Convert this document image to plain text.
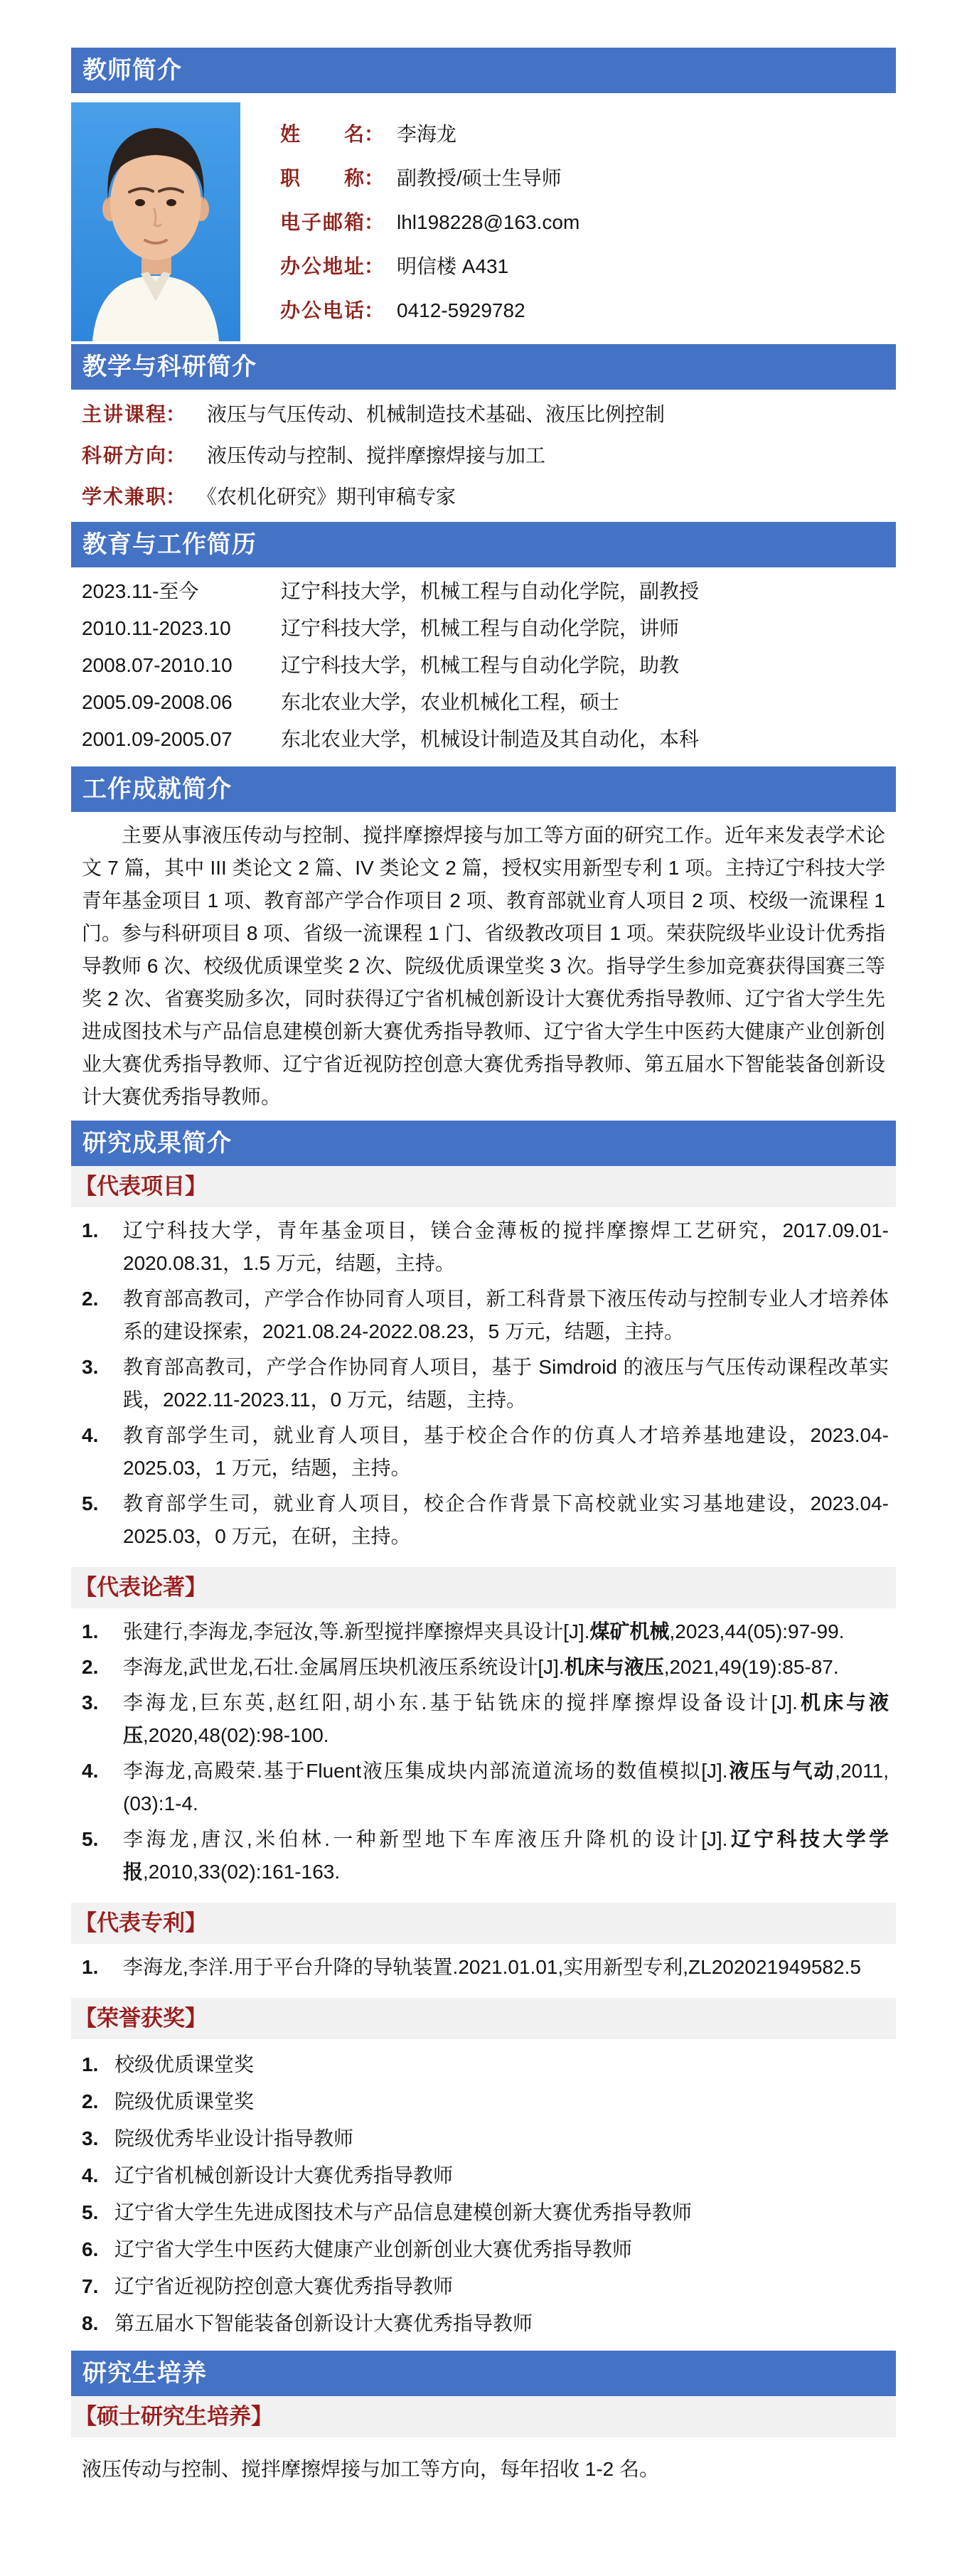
教师简介
姓名： 李海龙
职称： 副教授/硕士生导师
电子邮箱： lhl198228@163.com
办公地址： 明信楼 A431
办公电话： 0412-5929782
教学与科研简介
主讲课程： 液压与气压传动、机械制造技术基础、液压比例控制
科研方向： 液压传动与控制、搅拌摩擦焊接与加工
学术兼职： 《农机化研究》期刊审稿专家
教育与工作简历
2023.11-至今	辽宁科技大学，机械工程与自动化学院，副教授
2010.11-2023.10	辽宁科技大学，机械工程与自动化学院，讲师
2008.07-2010.10	辽宁科技大学，机械工程与自动化学院，助教
2005.09-2008.06	东北农业大学，农业机械化工程，硕士
2001.09-2005.07	东北农业大学，机械设计制造及其自动化，本科
工作成就简介

主要从事液压传动与控制、搅拌摩擦焊接与加工等方面的研究工作。近年来发表学术论文 7 篇，其中 III 类论文 2 篇、IV 类论文 2 篇，授权实用新型专利 1 项。主持辽宁科技大学青年基金项目 1 项、教育部产学合作项目 2 项、教育部就业育人项目 2 项、校级一流课程 1 门。参与科研项目 8 项、省级一流课程 1 门、省级教改项目 1 项。荣获院级毕业设计优秀指导教师 6 次、校级优质课堂奖 2 次、院级优质课堂奖 3 次。指导学生参加竞赛获得国赛三等奖 2 次、省赛奖励多次，同时获得辽宁省机械创新设计大赛优秀指导教师、辽宁省大学生先进成图技术与产品信息建模创新大赛优秀指导教师、辽宁省大学生中医药大健康产业创新创业大赛优秀指导教师、辽宁省近视防控创意大赛优秀指导教师、第五届水下智能装备创新设计大赛优秀指导教师。

研究成果简介
【代表项目】
1.	辽宁科技大学，青年基金项目，镁合金薄板的搅拌摩擦焊工艺研究，2017.09.01-2020.08.31，1.5 万元，结题，主持。
2.	教育部高教司，产学合作协同育人项目，新工科背景下液压传动与控制专业人才培养体系的建设探索，2021.08.24-2022.08.23，5 万元，结题，主持。
3.	教育部高教司，产学合作协同育人项目，基于 Simdroid 的液压与气压传动课程改革实践，2022.11-2023.11，0 万元，结题，主持。
4.	教育部学生司，就业育人项目，基于校企合作的仿真人才培养基地建设，2023.04-2025.03，1 万元，结题，主持。
5.	教育部学生司，就业育人项目，校企合作背景下高校就业实习基地建设，2023.04-2025.03，0 万元，在研，主持。
【代表论著】
1.	张建行,李海龙,李冠汝,等.新型搅拌摩擦焊夹具设计[J].煤矿机械,2023,44(05):97-99.
2.	李海龙,武世龙,石壮.金属屑压块机液压系统设计[J].机床与液压,2021,49(19):85-87.
3.	李海龙,巨东英,赵红阳,胡小东.基于钻铣床的搅拌摩擦焊设备设计[J].机床与液压,2020,48(02):98-100.
4.	李海龙,高殿荣.基于Fluent液压集成块内部流道流场的数值模拟[J].液压与气动,2011,(03):1-4.
5.	李海龙,唐汉,米伯林.一种新型地下车库液压升降机的设计[J].辽宁科技大学学报,2010,33(02):161-163.
【代表专利】
1.	李海龙,李洋.用于平台升降的导轨装置.2021.01.01,实用新型专利,ZL202021949582.5
【荣誉获奖】
1. 校级优质课堂奖
2. 院级优质课堂奖
3. 院级优秀毕业设计指导教师
4. 辽宁省机械创新设计大赛优秀指导教师
5. 辽宁省大学生先进成图技术与产品信息建模创新大赛优秀指导教师
6. 辽宁省大学生中医药大健康产业创新创业大赛优秀指导教师
7. 辽宁省近视防控创意大赛优秀指导教师
8. 第五届水下智能装备创新设计大赛优秀指导教师
研究生培养
【硕士研究生培养】
液压传动与控制、搅拌摩擦焊接与加工等方向，每年招收 1-2 名。
